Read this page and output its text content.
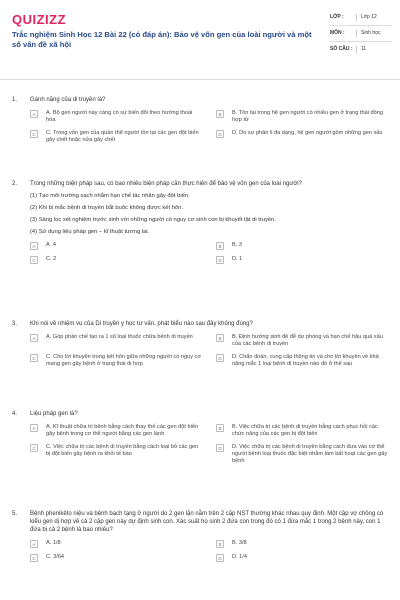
QUIZIZZ
Trắc nghiệm Sinh Học 12 Bài 22 (có đáp án): Bảo vệ vốn gen của loài người và một số vấn đề xã hội
LỚP :	Lớp 12
MÔN :	Sinh học
SỐ CÂU :	11
1.	Gánh nặng của di truyền là?
A	A. Bộ gen người này càng có sự biến đổi theo hướng thoái hóa
B	B. Tồn tại trong hệ gen người có nhiều gen ở trạng thái đồng hợp tử
C	C. Trong vốn gen của quần thể người tồn tại các gen đột biến gây chết hoặc nửa gây chết
D	D. Do sự phân li đa dạng, hệ gen người gồm những gen xấu
2.	Trong những biện pháp sau, có bao nhiêu biện pháp cần thực hiện để bảo vệ vốn gen của loài người?
(1) Tạo môi trường sạch nhằm hạn chế tác nhân gây đột biến.
(2) Khi bị mắc bệnh di truyền bắt buộc không được kết hôn.
(3) Sàng lọc xét nghiệm trước sinh với những người có nguy cơ sinh con bị khuyết tật di truyền.
(4) Sử dụng liệu pháp gen – kĩ thuật tương lai.
A	A. 4	B	B. 3
C	C. 2	D	D. 1
3.	Khi nói về nhiệm vụ của Di truyền y học tư vấn, phát biểu nào sau đây không đúng?
A	A. Góp phần chế tạo ra 1 số loại thuốc chữa bệnh di truyền	B	B. Định hướng sinh đẻ để dự phòng và hạn chế hậu quả xấu của các bệnh di truyền
C	C. Cho lời khuyên trong kết hôn giữa những người có nguy cơ mang gen gây bệnh ở trạng thái dị hợp
D	D. Chẩn đoán, cung cấp thông tin và cho lời khuyên về khả năng mắc 1 loại bệnh di truyền nào đó ở thế sau
4.	Liệu pháp gen là?
A	A. Kĩ thuật chữa trị bệnh bằng cách thay thế các gen đột biến gây bệnh trong cơ thể người bằng các gen lành
B	B. Việc chữa trị các bệnh di truyền bằng cách phục hồi các chức năng của các gen bị đột biến
C	C. Việc chữa trị các bệnh di truyền bằng cách loại bỏ các gen bị đột biến gây bệnh ra khỏi tế bào
D	D. Việc chữa trị các bệnh di truyền bằng cách đưa vào cơ thể người bệnh loại thuốc đặc biệt nhằm làm bất hoạt các gen gây bệnh
5.	Bệnh phenikêto niệu và bệnh bạch tạng ở người do 2 gen lặn nằm trên 2 cặp NST thường khác nhau quy định. Một cặp vợ chồng có kiểu gen dị hợp về cả 2 cặp gen này dự định sinh con. Xác suất họ sinh 2 đứa con trong đó có 1 đứa mắc 1 trong 2 bệnh này, con 1 đứa bị cả 2 bệnh là bao nhiêu?
A	A. 1/8	B	B. 3/8
C	C. 3/64	D	D. 1/4
